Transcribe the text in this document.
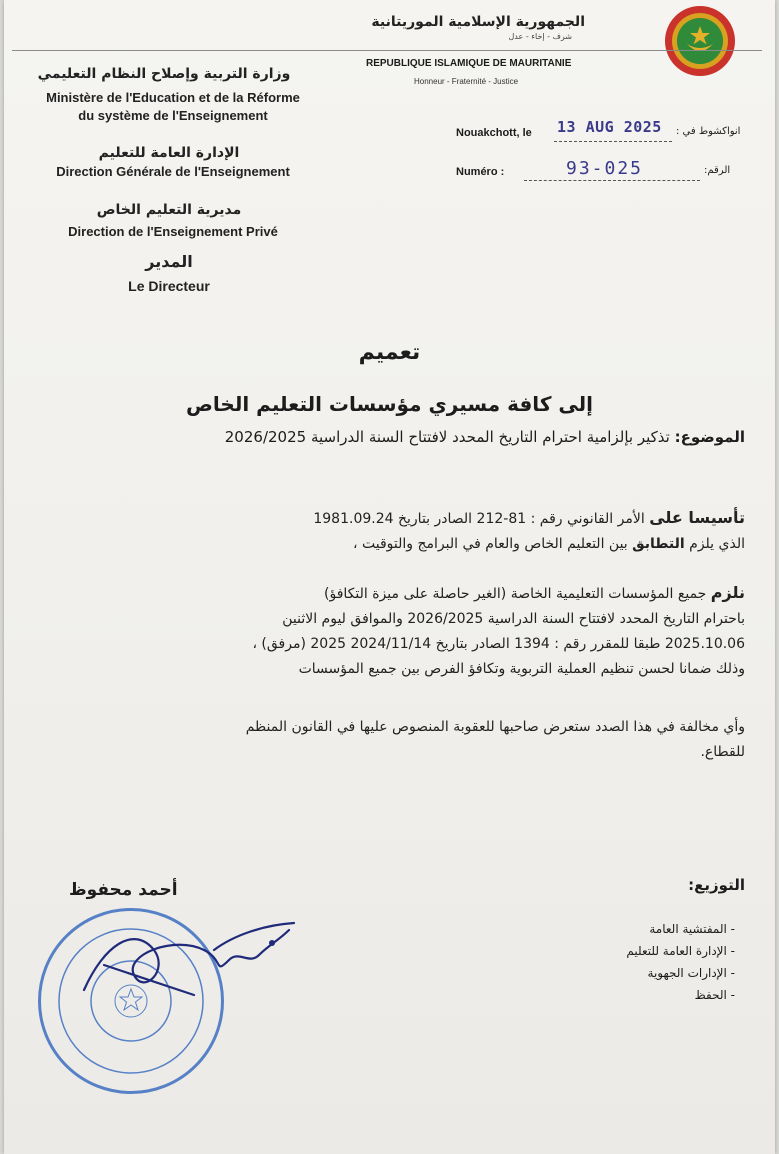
الجمهورية الإسلامية الموريتانية
شرف - إخاء - عدل
REPUBLIQUE ISLAMIQUE DE MAURITANIE
Honneur - Fraternité - Justice
وزارة التربية وإصلاح النظام التعليمي
Ministère de l'Education et de la Réforme
du système de l'Enseignement
الإدارة العامة للتعليم
Direction Générale de l'Enseignement
مديرية التعليم الخاص
Direction de l'Enseignement Privé
المدير
Le Directeur
Nouakchott, le 13 AUG 2025 انواكشوط في :
Numéro :	93-025	الرقم:
تعميم
إلى كافة مسيري مؤسسات التعليم الخاص
الموضوع: تذكير بإلزامية احترام التاريخ المحدد لافتتاح السنة الدراسية 2026/2025
تأسيسا على الأمر القانوني رقم : 81-212 الصادر بتاريخ 1981.09.24
الذي يلزم التطابق بين التعليم الخاص والعام في البرامج والتوقيت ،
نلزم جميع المؤسسات التعليمية الخاصة (الغير حاصلة على ميزة التكافؤ)
باحترام التاريخ المحدد لافتتاح السنة الدراسية 2026/2025 والموافق ليوم الاثنين
2025.10.06 طبقا للمقرر رقم : 1394 الصادر بتاريخ 2024/11/14 2025 (مرفق) ،
وذلك ضمانا لحسن تنظيم العملية التربوية وتكافؤ الفرص بين جميع المؤسسات
وأي مخالفة في هذا الصدد ستعرض صاحبها للعقوبة المنصوص عليها في القانون المنظم
للقطاع.
التوزيع:
- المفتشية العامة
- الإدارة العامة للتعليم
- الإدارات الجهوية
- الحفظ
أحمد محفوظ
